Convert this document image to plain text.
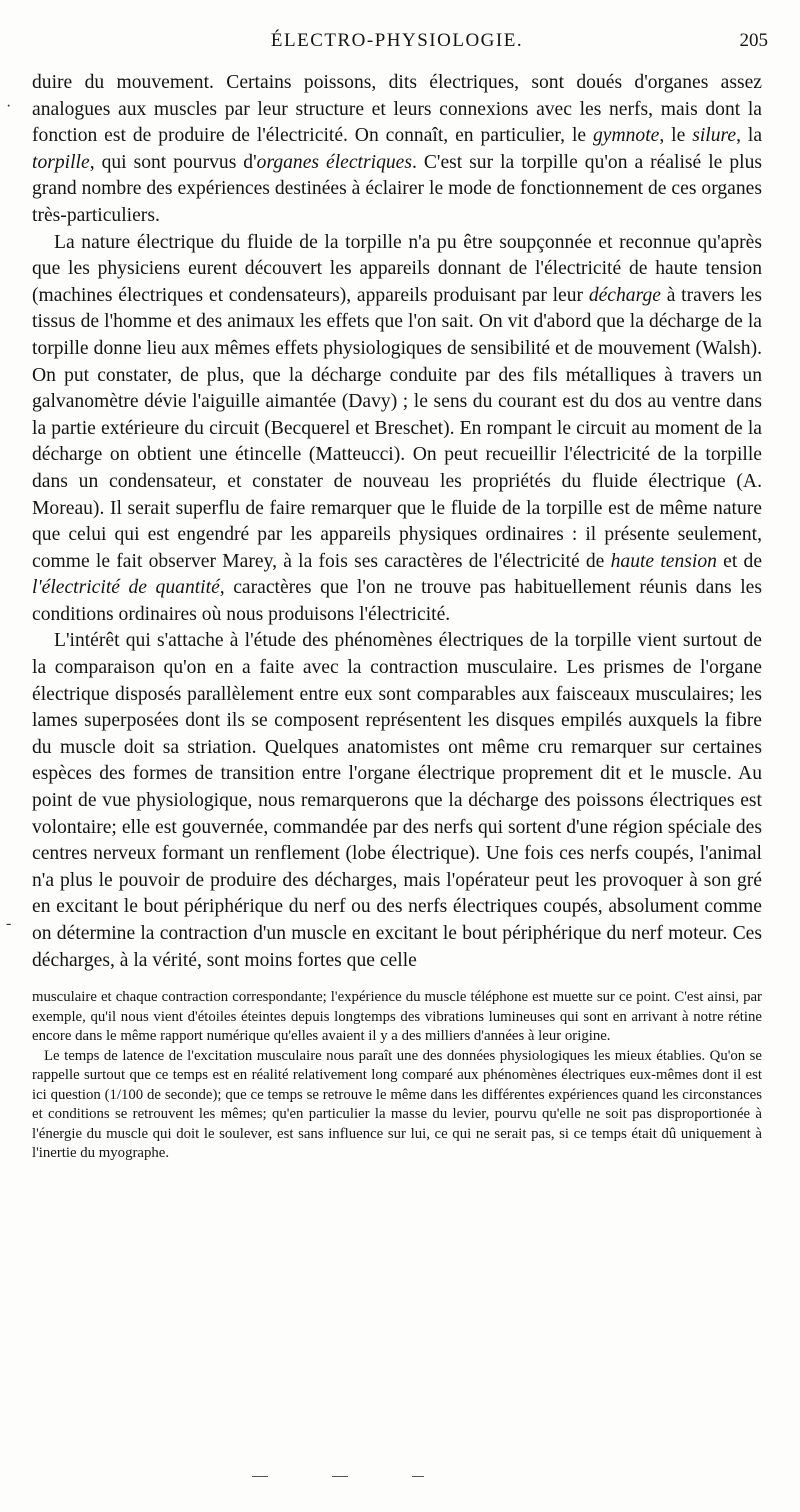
ÉLECTRO-PHYSIOLOGIE.	205

duire du mouvement. Certains poissons, dits électriques, sont doués d'organes assez analogues aux muscles par leur structure et leurs connexions avec les nerfs, mais dont la fonction est de produire de l'électricité. On connaît, en particulier, le gymnote, le silure, la torpille, qui sont pourvus d'organes électriques. C'est sur la torpille qu'on a réalisé le plus grand nombre des expériences destinées à éclairer le mode de fonctionnement de ces organes très-particuliers.

La nature électrique du fluide de la torpille n'a pu être soupçonnée et reconnue qu'après que les physiciens eurent découvert les appareils donnant de l'électricité de haute tension (machines électriques et condensateurs), appareils produisant par leur décharge à travers les tissus de l'homme et des animaux les effets que l'on sait. On vit d'abord que la décharge de la torpille donne lieu aux mêmes effets physiologiques de sensibilité et de mouvement (Walsh). On put constater, de plus, que la décharge conduite par des fils métalliques à travers un galvanomètre dévie l'aiguille aimantée (Davy) ; le sens du courant est du dos au ventre dans la partie extérieure du circuit (Becquerel et Breschet). En rompant le circuit au moment de la décharge on obtient une étincelle (Matteucci). On peut recueillir l'électricité de la torpille dans un condensateur, et constater de nouveau les propriétés du fluide électrique (A. Moreau). Il serait superflu de faire remarquer que le fluide de la torpille est de même nature que celui qui est engendré par les appareils physiques ordinaires : il présente seulement, comme le fait observer Marey, à la fois ses caractères de l'électricité de haute tension et de l'électricité de quantité, caractères que l'on ne trouve pas habituellement réunis dans les conditions ordinaires où nous produisons l'électricité.

L'intérêt qui s'attache à l'étude des phénomènes électriques de la torpille vient surtout de la comparaison qu'on en a faite avec la contraction musculaire. Les prismes de l'organe électrique disposés parallèlement entre eux sont comparables aux faisceaux musculaires; les lames superposées dont ils se composent représentent les disques empilés auxquels la fibre du muscle doit sa striation. Quelques anatomistes ont même cru remarquer sur certaines espèces des formes de transition entre l'organe électrique proprement dit et le muscle. Au point de vue physiologique, nous remarquerons que la décharge des poissons électriques est volontaire; elle est gouvernée, commandée par des nerfs qui sortent d'une région spéciale des centres nerveux formant un renflement (lobe électrique). Une fois ces nerfs coupés, l'animal n'a plus le pouvoir de produire des décharges, mais l'opérateur peut les provoquer à son gré en excitant le bout périphérique du nerf ou des nerfs électriques coupés, absolument comme on détermine la contraction d'un muscle en excitant le bout périphérique du nerf moteur. Ces décharges, à la vérité, sont moins fortes que celle

musculaire et chaque contraction correspondante; l'expérience du muscle téléphone est muette sur ce point. C'est ainsi, par exemple, qu'il nous vient d'étoiles éteintes depuis longtemps des vibrations lumineuses qui sont en arrivant à notre rétine encore dans le même rapport numérique qu'elles avaient il y a des milliers d'années à leur origine.

Le temps de latence de l'excitation musculaire nous paraît une des données physiologiques les mieux établies. Qu'on se rappelle surtout que ce temps est en réalité relativement long comparé aux phénomènes électriques eux-mêmes dont il est ici question (1/100 de seconde); que ce temps se retrouve le même dans les différentes expériences quand les circonstances et conditions se retrouvent les mêmes; qu'en particulier la masse du levier, pourvu qu'elle ne soit pas disproportionée à l'énergie du muscle qui doit le soulever, est sans influence sur lui, ce qui ne serait pas, si ce temps était dû uniquement à l'inertie du myographe.

·
-
